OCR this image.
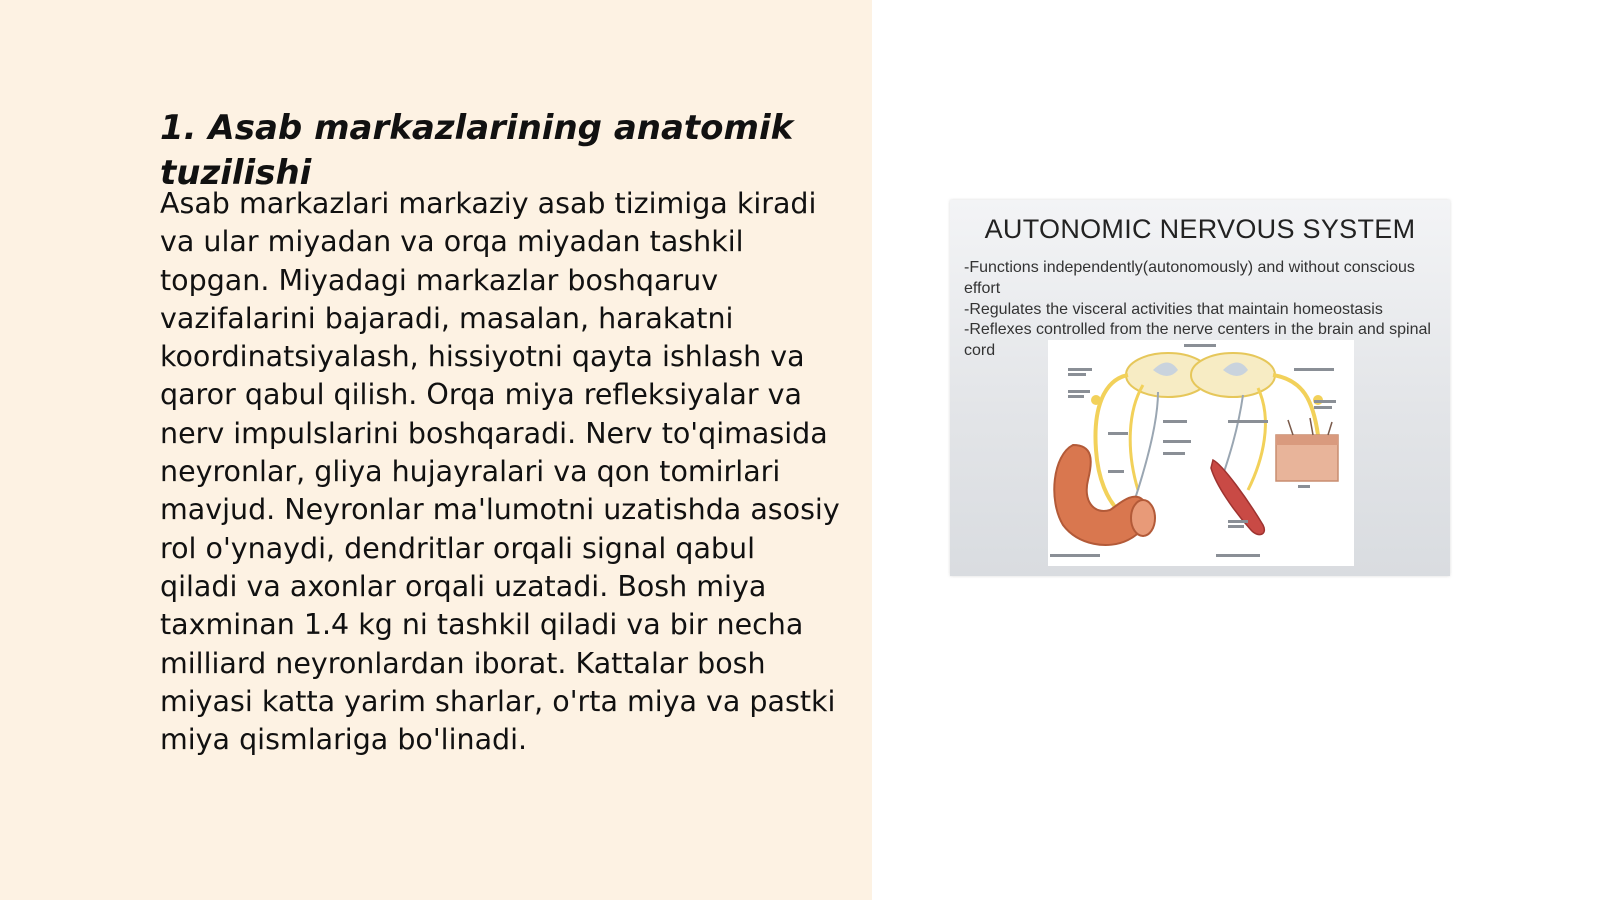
1. Asab markazlarining anatomik tuzilishi

Asab markazlari markaziy asab tizimiga kiradi va ular miyadan va orqa miyadan tashkil topgan. Miyadagi markazlar boshqaruv vazifalarini bajaradi, masalan, harakatni koordinatsiyalash, hissiyotni qayta ishlash va qaror qabul qilish. Orqa miya refleksiyalar va nerv impulslarini boshqaradi. Nerv to'qimasida neyronlar, gliya hujayralari va qon tomirlari mavjud. Neyronlar ma'lumotni uzatishda asosiy rol o'ynaydi, dendritlar orqali signal qabul qiladi va axonlar orqali uzatadi. Bosh miya taxminan 1.4 kg ni tashkil qiladi va bir necha milliard neyronlardan iborat. Kattalar bosh miyasi katta yarim sharlar, o'rta miya va pastki miya qismlariga bo'linadi.

AUTONOMIC NERVOUS SYSTEM
-Functions independently(autonomously) and without conscious effort
-Regulates the visceral activities that maintain homeostasis
-Reflexes controlled from the nerve centers in the brain and spinal cord
